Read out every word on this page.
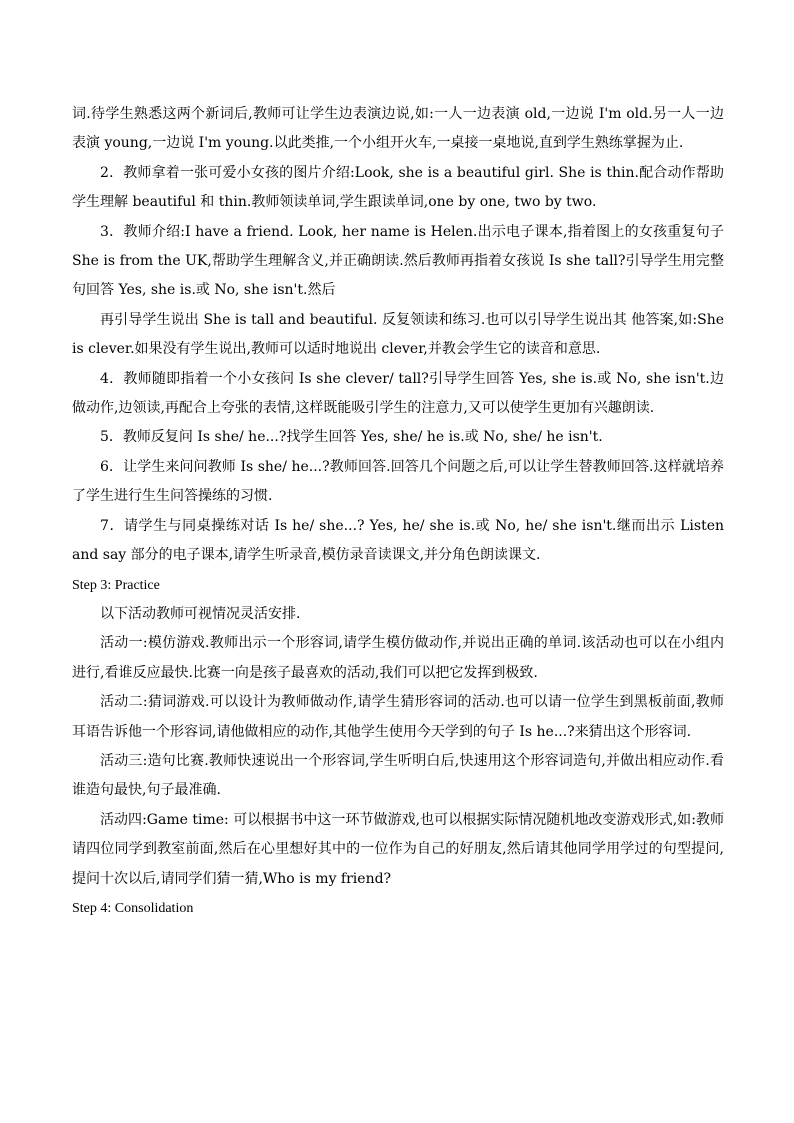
词.待学生熟悉这两个新词后,教师可让学生边表演边说,如:一人一边表演 old,一边说 I'm old.另一人一边表演 young,一边说 I'm young.以此类推,一个小组开火车,一桌接一桌地说,直到学生熟练掌握为止.

2．教师拿着一张可爱小女孩的图片介绍:Look, she is a beautiful girl. She is thin.配合动作帮助学生理解 beautiful 和 thin.教师领读单词,学生跟读单词,one by one, two by two.

3．教师介绍:I have a friend. Look, her name is Helen.出示电子课本,指着图上的女孩重复句子 She is from the UK,帮助学生理解含义,并正确朗读.然后教师再指着女孩说 Is she tall?引导学生用完整句回答 Yes, she is.或 No, she isn't.然后

再引导学生说出 She is tall and beautiful. 反复领读和练习.也可以引导学生说出其 他答案,如:She is clever.如果没有学生说出,教师可以适时地说出 clever,并教会学生它的读音和意思.

4．教师随即指着一个小女孩问 Is she clever/ tall?引导学生回答 Yes, she is.或 No, she isn't.边做动作,边领读,再配合上夸张的表情,这样既能吸引学生的注意力,又可以使学生更加有兴趣朗读.

5．教师反复问 Is she/ he...?找学生回答 Yes, she/ he is.或 No, she/ he isn't.

6．让学生来问问教师 Is she/ he...?教师回答.回答几个问题之后,可以让学生替教师回答.这样就培养了学生进行生生问答操练的习惯.

7．请学生与同桌操练对话 Is he/ she...? Yes, he/ she is.或 No, he/ she isn't.继而出示 Listen and say 部分的电子课本,请学生听录音,模仿录音读课文,并分角色朗读课文.

Step 3: Practice

以下活动教师可视情况灵活安排.

活动一:模仿游戏.教师出示一个形容词,请学生模仿做动作,并说出正确的单词.该活动也可以在小组内进行,看谁反应最快.比赛一向是孩子最喜欢的活动,我们可以把它发挥到极致.

活动二:猜词游戏.可以设计为教师做动作,请学生猜形容词的活动.也可以请一位学生到黑板前面,教师耳语告诉他一个形容词,请他做相应的动作,其他学生使用今天学到的句子 Is he...?来猜出这个形容词.

活动三:造句比赛.教师快速说出一个形容词,学生听明白后,快速用这个形容词造句,并做出相应动作.看谁造句最快,句子最准确.

活动四:Game time: 可以根据书中这一环节做游戏,也可以根据实际情况随机地改变游戏形式,如:教师请四位同学到教室前面,然后在心里想好其中的一位作为自己的好朋友,然后请其他同学用学过的句型提问,提问十次以后,请同学们猜一猜,Who is my friend?

Step 4: Consolidation
